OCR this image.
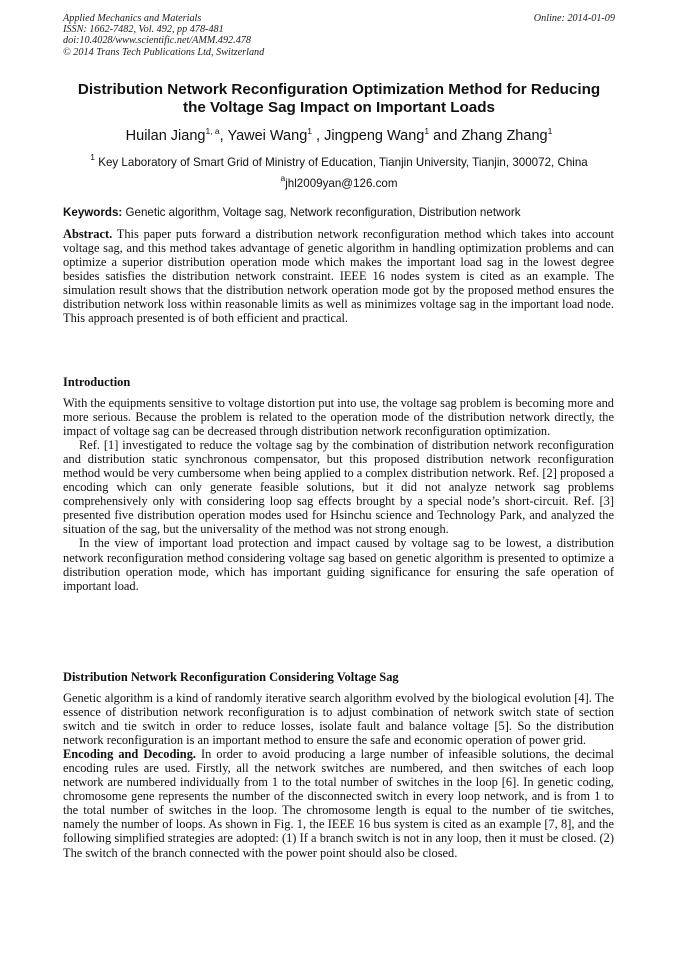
Applied Mechanics and Materials
ISSN: 1662-7482, Vol. 492, pp 478-481
doi:10.4028/www.scientific.net/AMM.492.478
© 2014 Trans Tech Publications Ltd, Switzerland
Online: 2014-01-09
Distribution Network Reconfiguration Optimization Method for Reducing
the Voltage Sag Impact on Important Loads
Huilan Jiang$^{1, a}$, Yawei Wang$^1$ , Jingpeng Wang$^1$ and Zhang Zhang$^1$
$^1$ Key Laboratory of Smart Grid of Ministry of Education, Tianjin University, Tianjin, 300072, China
$^a$jhl2009yan@126.com
Keywords: Genetic algorithm, Voltage sag, Network reconfiguration, Distribution network

Abstract. This paper puts forward a distribution network reconfiguration method which takes into account voltage sag, and this method takes advantage of genetic algorithm in handling optimization problems and can optimize a superior distribution operation mode which makes the important load sag in the lowest degree besides satisfies the distribution network constraint. IEEE 16 nodes system is cited as an example. The simulation result shows that the distribution network operation mode got by the proposed method ensures the distribution network loss within reasonable limits as well as minimizes voltage sag in the important load node. This approach presented is of both efficient and practical.

Introduction

With the equipments sensitive to voltage distortion put into use, the voltage sag problem is becoming more and more serious. Because the problem is related to the operation mode of the distribution network directly, the impact of voltage sag can be decreased through distribution network reconfiguration optimization.

Ref. [1] investigated to reduce the voltage sag by the combination of distribution network reconfiguration and distribution static synchronous compensator, but this proposed distribution network reconfiguration method would be very cumbersome when being applied to a complex distribution network. Ref. [2] proposed a encoding which can only generate feasible solutions, but it did not analyze network sag problems comprehensively only with considering loop sag effects brought by a special node’s short-circuit. Ref. [3] presented five distribution operation modes used for Hsinchu science and Technology Park, and analyzed the situation of the sag, but the universality of the method was not strong enough.

In the view of important load protection and impact caused by voltage sag to be lowest, a distribution network reconfiguration method considering voltage sag based on genetic algorithm is presented to optimize a distribution operation mode, which has important guiding significance for ensuring the safe operation of important load.

Distribution Network Reconfiguration Considering Voltage Sag

Genetic algorithm is a kind of randomly iterative search algorithm evolved by the biological evolution [4]. The essence of distribution network reconfiguration is to adjust combination of network switch state of section switch and tie switch in order to reduce losses, isolate fault and balance voltage [5]. So the distribution network reconfiguration is an important method to ensure the safe and economic operation of power grid.

Encoding and Decoding. In order to avoid producing a large number of infeasible solutions, the decimal encoding rules are used. Firstly, all the network switches are numbered, and then switches of each loop network are numbered individually from 1 to the total number of switches in the loop [6]. In genetic coding, chromosome gene represents the number of the disconnected switch in every loop network, and is from 1 to the total number of switches in the loop. The chromosome length is equal to the number of tie switches, namely the number of loops. As shown in Fig. 1, the IEEE 16 bus system is cited as an example [7, 8], and the following simplified strategies are adopted: (1) If a branch switch is not in any loop, then it must be closed. (2) The switch of the branch connected with the power point should also be closed.
